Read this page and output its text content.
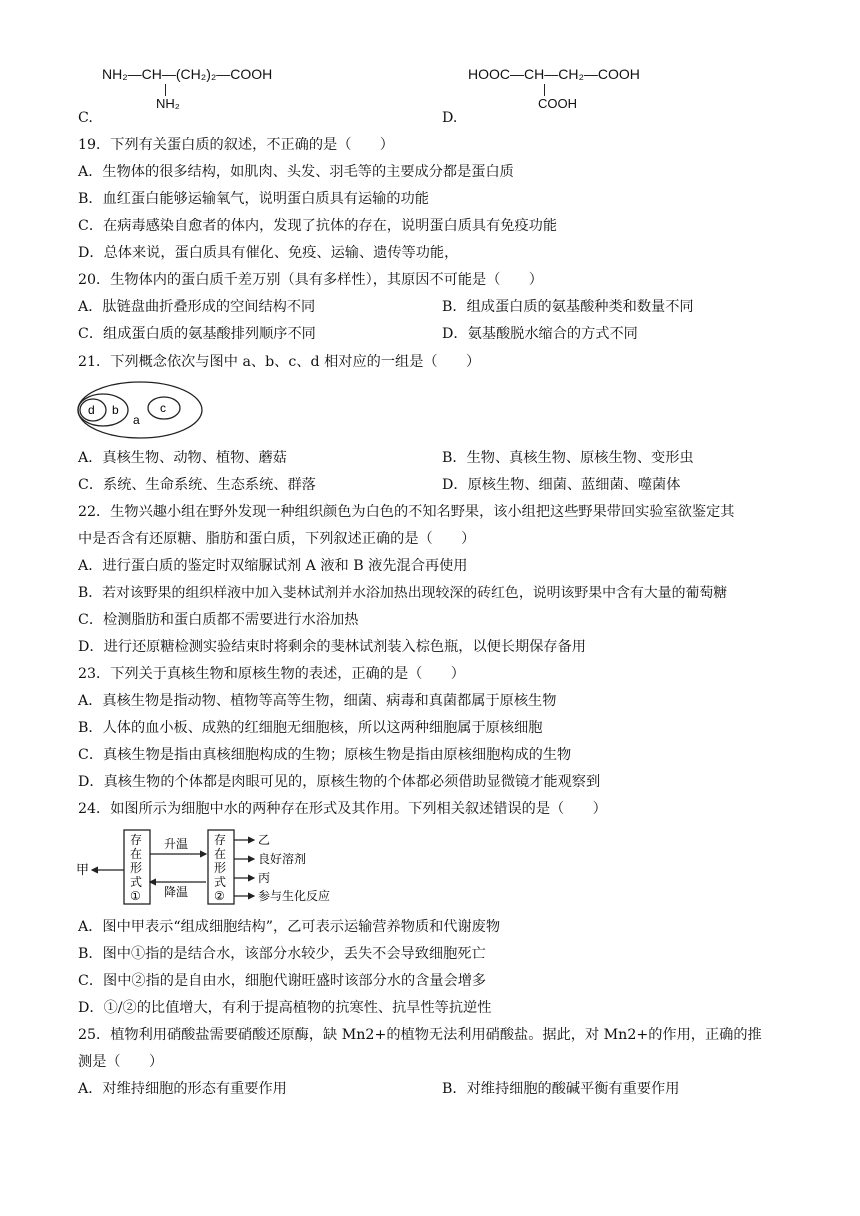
NH₂—CH—(CH₂)₂—COOH
NH₂
C.
HOOC—CH—CH₂—COOH
COOH
D.
19．下列有关蛋白质的叙述，不正确的是（　　）
A．生物体的很多结构，如肌肉、头发、羽毛等的主要成分都是蛋白质
B．血红蛋白能够运输氧气，说明蛋白质具有运输的功能
C．在病毒感染自愈者的体内，发现了抗体的存在，说明蛋白质具有免疫功能
D．总体来说，蛋白质具有催化、免疫、运输、遗传等功能，
20．生物体内的蛋白质千差万别（具有多样性），其原因不可能是（　　）
A．肽链盘曲折叠形成的空间结构不同	B．组成蛋白质的氨基酸种类和数量不同
C．组成蛋白质的氨基酸排列顺序不同	D．氨基酸脱水缩合的方式不同
21．下列概念依次与图中 a、b、c、d 相对应的一组是（　　）
d b
a
c
A．真核生物、动物、植物、蘑菇	B．生物、真核生物、原核生物、变形虫
C．系统、生命系统、生态系统、群落	D．原核生物、细菌、蓝细菌、噬菌体
22．生物兴趣小组在野外发现一种组织颜色为白色的不知名野果，该小组把这些野果带回实验室欲鉴定其
中是否含有还原糖、脂肪和蛋白质，下列叙述正确的是（　　）
A．进行蛋白质的鉴定时双缩脲试剂 A 液和 B 液先混合再使用
B．若对该野果的组织样液中加入斐林试剂并水浴加热出现较深的砖红色，说明该野果中含有大量的葡萄糖
C．检测脂肪和蛋白质都不需要进行水浴加热
D．进行还原糖检测实验结束时将剩余的斐林试剂装入棕色瓶，以便长期保存备用
23．下列关于真核生物和原核生物的表述，正确的是（　　）
A．真核生物是指动物、植物等高等生物，细菌、病毒和真菌都属于原核生物
B．人体的血小板、成熟的红细胞无细胞核，所以这两种细胞属于原核细胞
C．真核生物是指由真核细胞构成的生物；原核生物是指由原核细胞构成的生物
D．真核生物的个体都是肉眼可见的，原核生物的个体都必须借助显微镜才能观察到
24．如图所示为细胞中水的两种存在形式及其作用。下列相关叙述错误的是（　　）
甲
存
在
形
式
①
升温
降温
存
在
形
式
②
乙
良好溶剂
丙
参与生化反应
A．图中甲表示“组成细胞结构”，乙可表示运输营养物质和代谢废物
B．图中①指的是结合水，该部分水较少，丢失不会导致细胞死亡
C．图中②指的是自由水，细胞代谢旺盛时该部分水的含量会增多
D．①/②的比值增大，有利于提高植物的抗寒性、抗旱性等抗逆性
25．植物利用硝酸盐需要硝酸还原酶，缺 Mn2+的植物无法利用硝酸盐。据此，对 Mn2+的作用，正确的推
测是（　　）
A．对维持细胞的形态有重要作用	B．对维持细胞的酸碱平衡有重要作用
